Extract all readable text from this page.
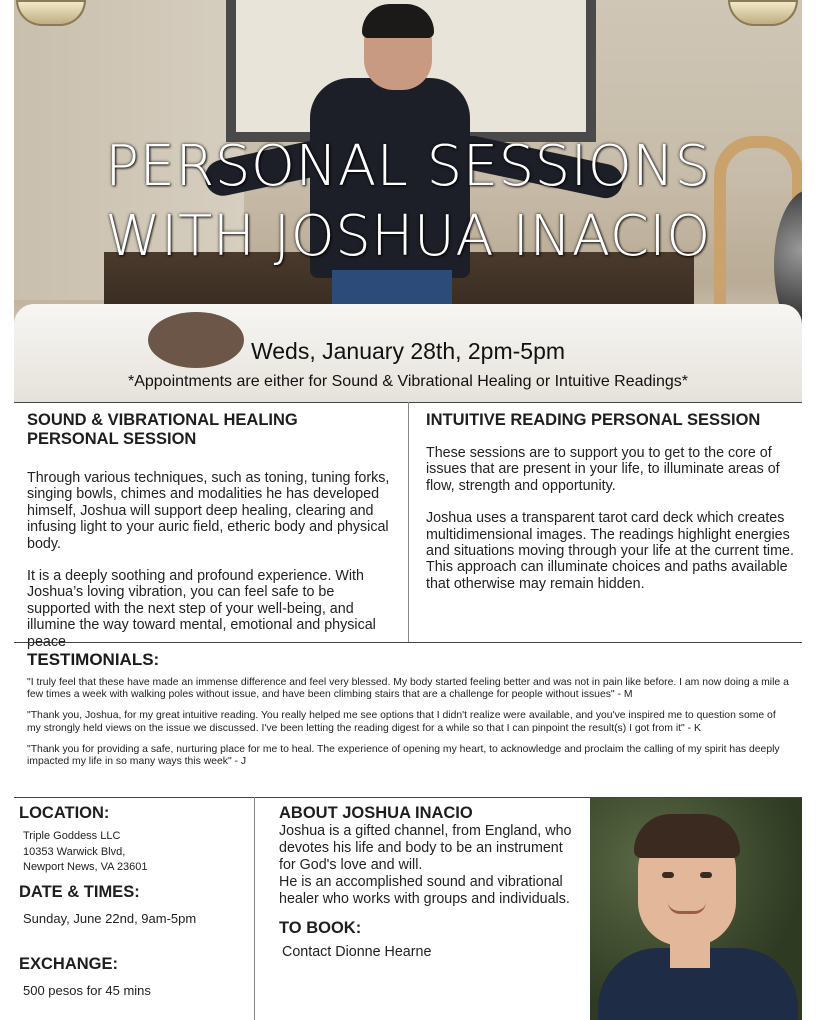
PERSONAL SESSIONS
WITH JOSHUA INACIO
Weds, January 28th, 2pm-5pm
*Appointments are either for Sound & Vibrational Healing or Intuitive Readings*
SOUND & VIBRATIONAL HEALING
PERSONAL SESSION

Through various techniques, such as toning, tuning forks, singing bowls, chimes and modalities he has developed himself, Joshua will support deep healing, clearing and infusing light to your auric field, etheric body and physical body.

It is a deeply soothing and profound experience. With Joshua’s loving vibration, you can feel safe to be supported with the next step of your well-being, and illumine the way toward mental, emotional and physical peace

INTUITIVE READING PERSONAL SESSION

These sessions are to support you to get to the core of issues that are present in your life, to illuminate areas of flow, strength and opportunity.

Joshua uses a transparent tarot card deck which creates multidimensional images. The readings highlight energies and situations moving through your life at the current time. This approach can illuminate choices and paths available that otherwise may remain hidden.

TESTIMONIALS:

"I truly feel that these have made an immense difference and feel very blessed. My body started feeling better and was not in pain like before. I am now doing a mile a few times a week with walking poles without issue, and have been climbing stairs that are a challenge for people without issues" - M

"Thank you, Joshua, for my great intuitive reading. You really helped me see options that I didn't realize were available, and you've inspired me to question some of my strongly held views on the issue we discussed. I've been letting the reading digest for a while so that I can pinpoint the result(s) I got from it" - K

"Thank you for providing a safe, nurturing place for me to heal. The experience of opening my heart, to acknowledge and proclaim the calling of my spirit has deeply impacted my life in so many ways this week" - J

LOCATION:
Triple Goddess LLC
10353 Warwick Blvd,
Newport News, VA 23601
DATE & TIMES:
Sunday, June 22nd, 9am-5pm
EXCHANGE:
500 pesos for 45 mins
ABOUT JOSHUA INACIO

Joshua is a gifted channel, from England, who devotes his life and body to be an instrument for God's love and will.

He is an accomplished sound and vibrational healer who works with groups and individuals.

TO BOOK:

Contact Dionne Hearne
